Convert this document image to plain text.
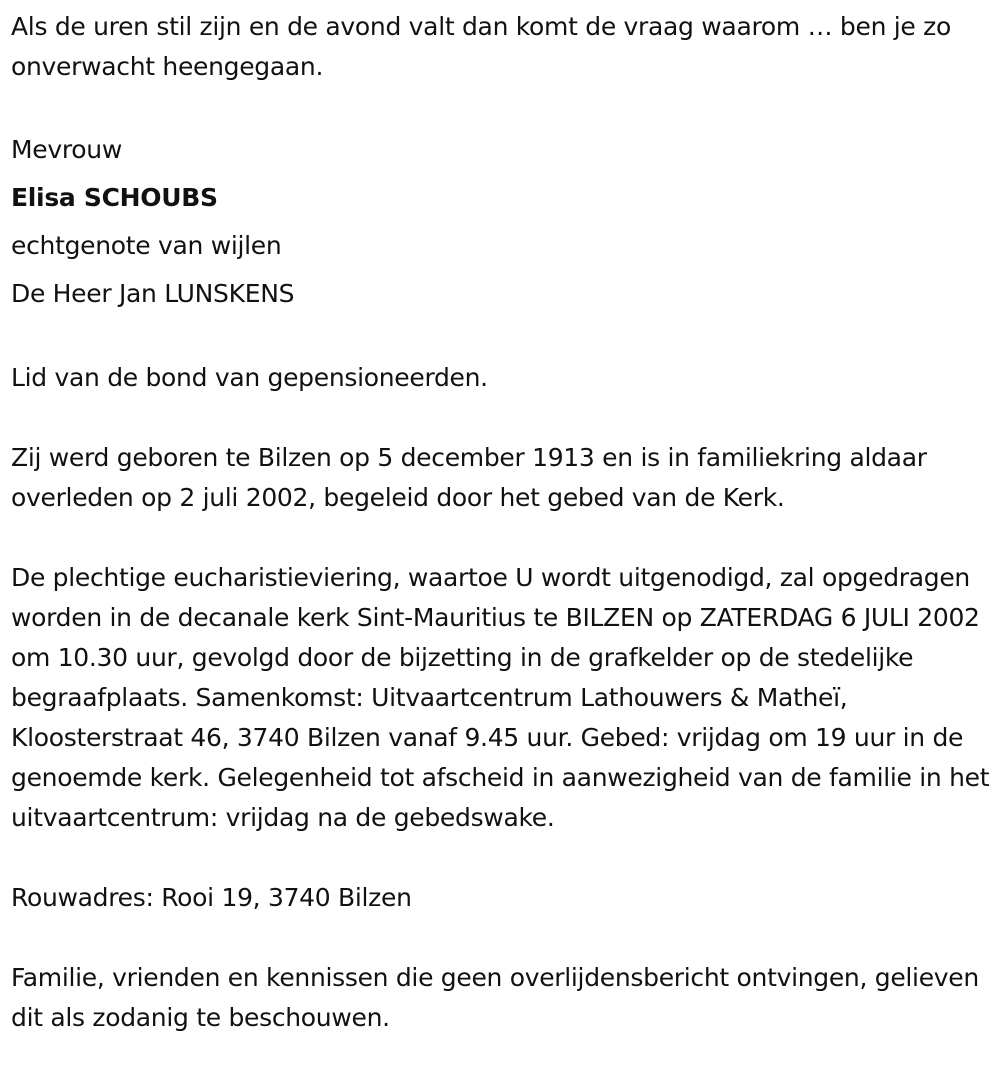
Als de uren stil zijn en de avond valt dan komt de vraag waarom … ben je zo onverwacht heengegaan.

Mevrouw

Elisa SCHOUBS

echtgenote van wijlen

De Heer Jan LUNSKENS

Lid van de bond van gepensioneerden.

Zij werd geboren te Bilzen op 5 december 1913 en is in familiekring aldaar overleden op 2 juli 2002, begeleid door het gebed van de Kerk.

De plechtige eucharistieviering, waartoe U wordt uitgenodigd, zal opgedragen worden in de decanale kerk Sint-Mauritius te BILZEN op ZATERDAG 6 JULI 2002 om 10.30 uur, gevolgd door de bijzetting in de grafkelder op de stedelijke begraafplaats. Samenkomst: Uitvaartcentrum Lathouwers & Matheï, Kloosterstraat 46, 3740 Bilzen vanaf 9.45 uur. Gebed: vrijdag om 19 uur in de genoemde kerk. Gelegenheid tot afscheid in aanwezigheid van de familie in het uitvaartcentrum: vrijdag na de gebedswake.

Rouwadres: Rooi 19, 3740 Bilzen

Familie, vrienden en kennissen die geen overlijdensbericht ontvingen, gelieven dit als zodanig te beschouwen.
